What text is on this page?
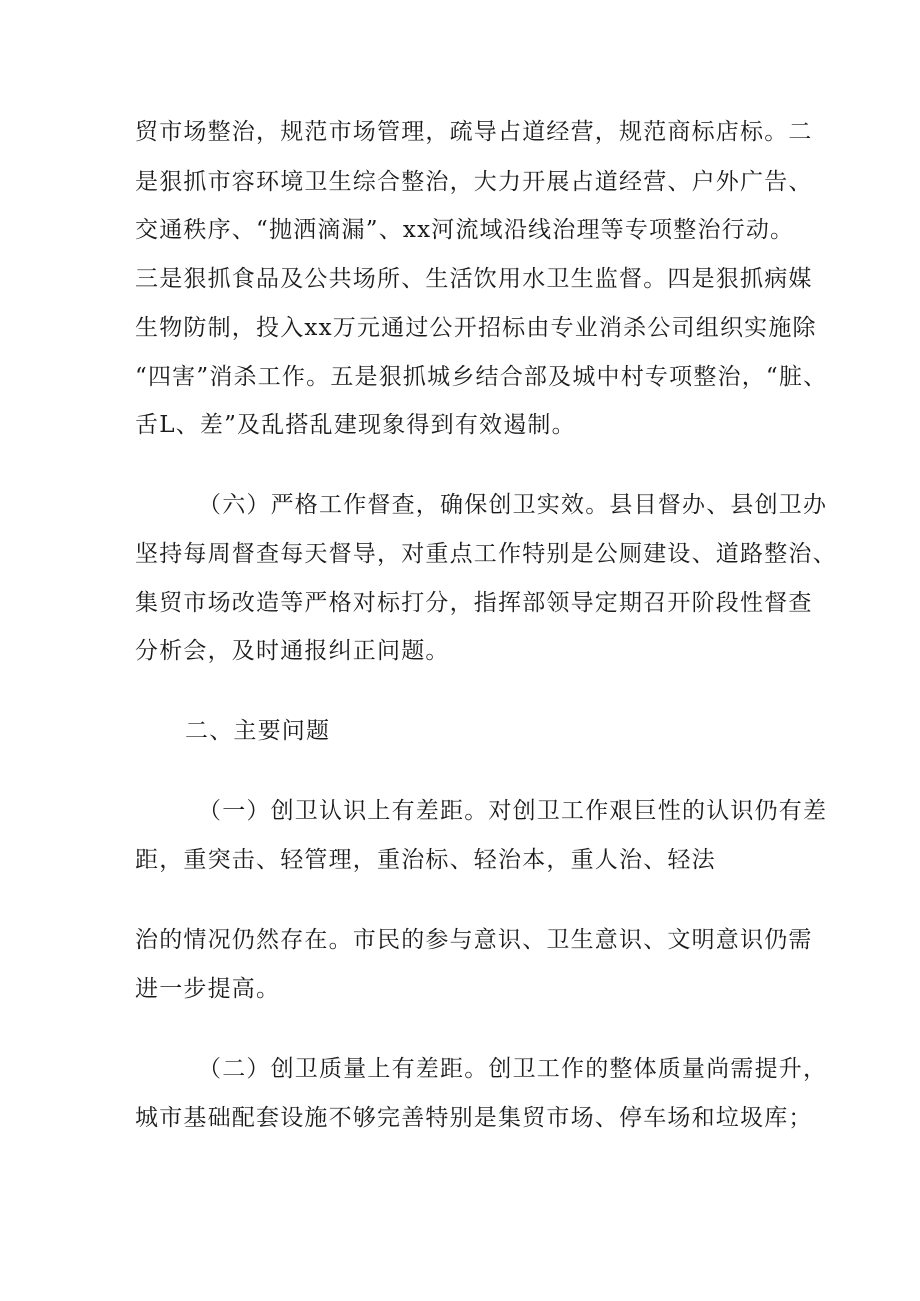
贸市场整治，规范市场管理，疏导占道经营，规范商标店标。二
是狠抓市容环境卫生综合整治，大力开展占道经营、户外广告、
交通秩序、“抛洒滴漏”、xx河流域沿线治理等专项整治行动。
三是狠抓食品及公共场所、生活饮用水卫生监督。四是狠抓病媒
生物防制，投入xx万元通过公开招标由专业消杀公司组织实施除
“四害”消杀工作。五是狠抓城乡结合部及城中村专项整治，“脏、
舌L、差”及乱搭乱建现象得到有效遏制。
（六）严格工作督查，确保创卫实效。县目督办、县创卫办
坚持每周督查每天督导，对重点工作特别是公厕建设、道路整治、
集贸市场改造等严格对标打分，指挥部领导定期召开阶段性督查
分析会，及时通报纠正问题。
二、主要问题
（一）创卫认识上有差距。对创卫工作艰巨性的认识仍有差
距，重突击、轻管理，重治标、轻治本，重人治、轻法
治的情况仍然存在。市民的参与意识、卫生意识、文明意识仍需
进一步提高。
（二）创卫质量上有差距。创卫工作的整体质量尚需提升，
城市基础配套设施不够完善特别是集贸市场、停车场和垃圾库；
